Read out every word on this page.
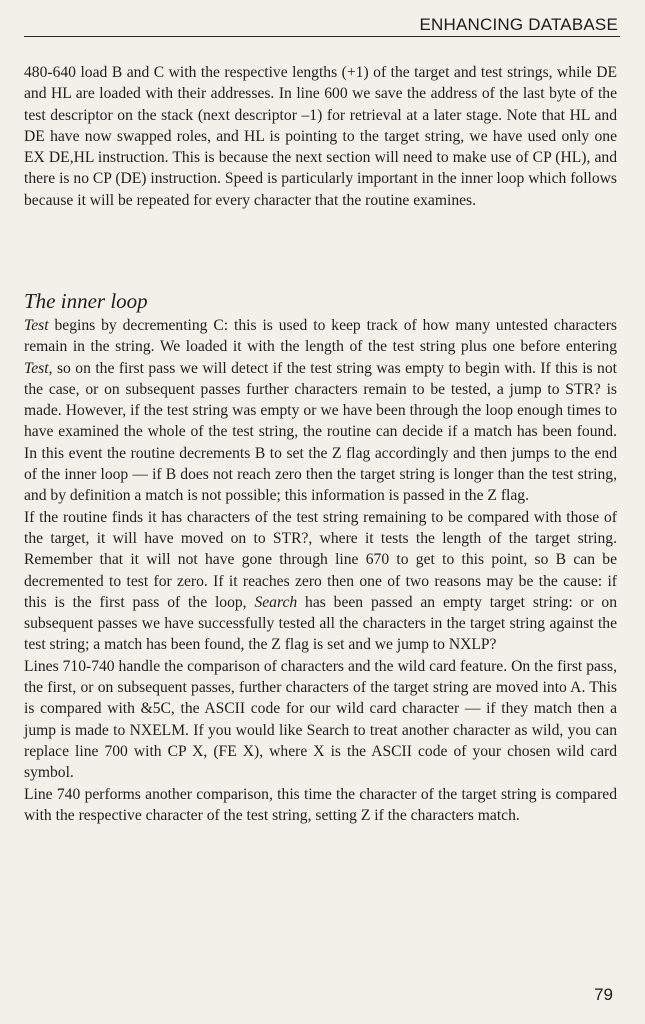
ENHANCING DATABASE

480-640 load B and C with the respective lengths (+1) of the target and test strings, while DE and HL are loaded with their addresses. In line 600 we save the address of the last byte of the test descriptor on the stack (next descriptor –1) for retrieval at a later stage. Note that HL and DE have now swapped roles, and HL is pointing to the target string, we have used only one EX DE,HL instruction. This is because the next section will need to make use of CP (HL), and there is no CP (DE) instruction. Speed is particularly important in the inner loop which follows because it will be repeated for every character that the routine examines.

The inner loop

Test begins by decrementing C: this is used to keep track of how many untested characters remain in the string. We loaded it with the length of the test string plus one before entering Test, so on the first pass we will detect if the test string was empty to begin with. If this is not the case, or on subsequent passes further characters remain to be tested, a jump to STR? is made. However, if the test string was empty or we have been through the loop enough times to have examined the whole of the test string, the routine can decide if a match has been found. In this event the routine decrements B to set the Z flag accordingly and then jumps to the end of the inner loop — if B does not reach zero then the target string is longer than the test string, and by definition a match is not possible; this information is passed in the Z flag.

If the routine finds it has characters of the test string remaining to be compared with those of the target, it will have moved on to STR?, where it tests the length of the target string. Remember that it will not have gone through line 670 to get to this point, so B can be decremented to test for zero. If it reaches zero then one of two reasons may be the cause: if this is the first pass of the loop, Search has been passed an empty target string: or on subsequent passes we have successfully tested all the characters in the target string against the test string; a match has been found, the Z flag is set and we jump to NXLP?

Lines 710-740 handle the comparison of characters and the wild card feature. On the first pass, the first, or on subsequent passes, further characters of the target string are moved into A. This is compared with &5C, the ASCII code for our wild card character — if they match then a jump is made to NXELM. If you would like Search to treat another character as wild, you can replace line 700 with CP X, (FE X), where X is the ASCII code of your chosen wild card symbol.

Line 740 performs another comparison, this time the character of the target string is compared with the respective character of the test string, setting Z if the characters match.

79
